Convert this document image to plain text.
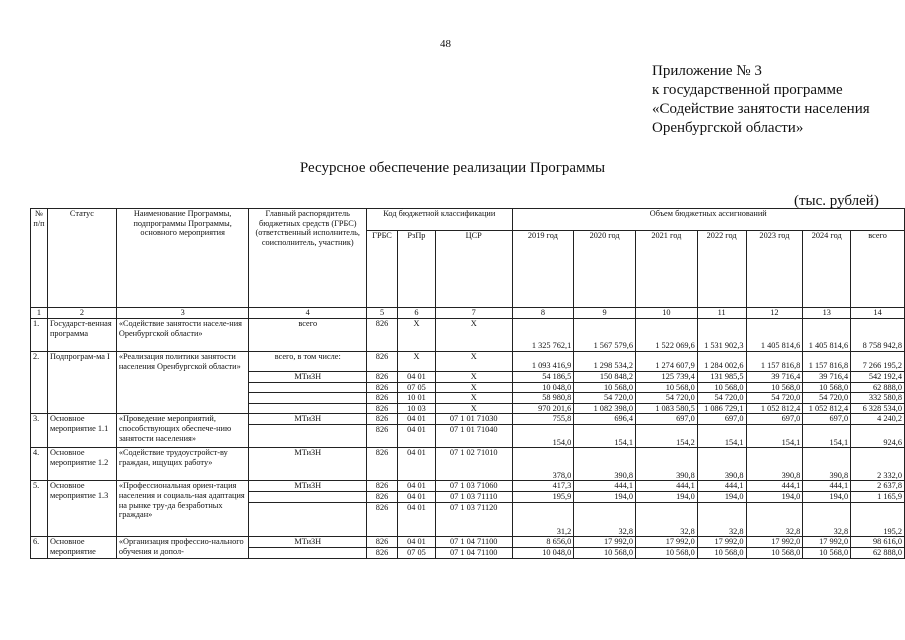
48
Приложение № 3
к государственной программе
«Содействие занятости населения
Оренбургской области»
Ресурсное обеспечение реализации Программы
(тыс. рублей)
№ п/п	Статус	Наименование Программы, подпрограммы Программы, основного мероприятия	Главный распорядитель бюджетных средств (ГРБС) (ответственный исполнитель, соисполнитель, участник)	Код бюджетной классификации			Объем бюджетных ассигнований						
				ГРБС	РзПр	ЦСР	2019 год	2020 год	2021 год	2022 год	2023 год	2024 год	всего
1	2	3	4	5	6	7	8	9	10	11	12	13	14
1.	Государст-венная программа	«Содействие занятости населе-ния Оренбургской области»	всего	826	Х	Х	1 325 762,1	1 567 579,6	1 522 069,6	1 531 902,3	1 405 814,6	1 405 814,6	8 758 942,8
2.	Подпрограм-ма I	«Реализация политики занятости населения Оренбургской области»	всего, в том числе:	826	Х	Х	1 093 416,9	1 298 534,2	1 274 607,9	1 284 002,6	1 157 816,8	1 157 816,8	7 266 195,2
			МТиЗН	826	04 01	Х	54 186,5	150 848,2	125 739,4	131 985,5	39 716,4	39 716,4	542 192,4
				826	07 05	Х	10 048,0	10 568,0	10 568,0	10 568,0	10 568,0	10 568,0	62 888,0
				826	10 01	Х	58 980,8	54 720,0	54 720,0	54 720,0	54 720,0	54 720,0	332 580,8
				826	10 03	Х	970 201,6	1 082 398,0	1 083 580,5	1 086 729,1	1 052 812,4	1 052 812,4	6 328 534,0
3.	Основное мероприятие 1.1	«Проведение мероприятий, способствующих обеспече-нию занятости населения»	МТиЗН	826	04 01	07 1 01 71030	755,8	696,4	697,0	697,0	697,0	697,0	4 240,2
				826	04 01	07 1 01 71040	154,0	154,1	154,2	154,1	154,1	154,1	924,6
4.	Основное мероприятие 1.2	«Содействие трудоустройст-ву граждан, ищущих работу»	МТиЗН	826	04 01	07 1 02 71010	378,0	390,8	390,8	390,8	390,8	390,8	2 332,0
5.	Основное мероприятие 1.3	«Профессиональная ориен-тация населения и социаль-ная адаптация на рынке тру-да безработных граждан»	МТиЗН	826	04 01	07 1 03 71060	417,3	444,1	444,1	444,1	444,1	444,1	2 637,8
				826	04 01	07 1 03 71110	195,9	194,0	194,0	194,0	194,0	194,0	1 165,9
				826	04 01	07 1 03 71120	31,2	32,8	32,8	32,8	32,8	32,8	195,2
6.	Основное мероприятие	«Организация профессио-нального обучения и допол-	МТиЗН	826	04 01	07 1 04 71100	8 656,0	17 992,0	17 992,0	17 992,0	17 992,0	17 992,0	98 616,0
				826	07 05	07 1 04 71100	10 048,0	10 568,0	10 568,0	10 568,0	10 568,0	10 568,0	62 888,0
